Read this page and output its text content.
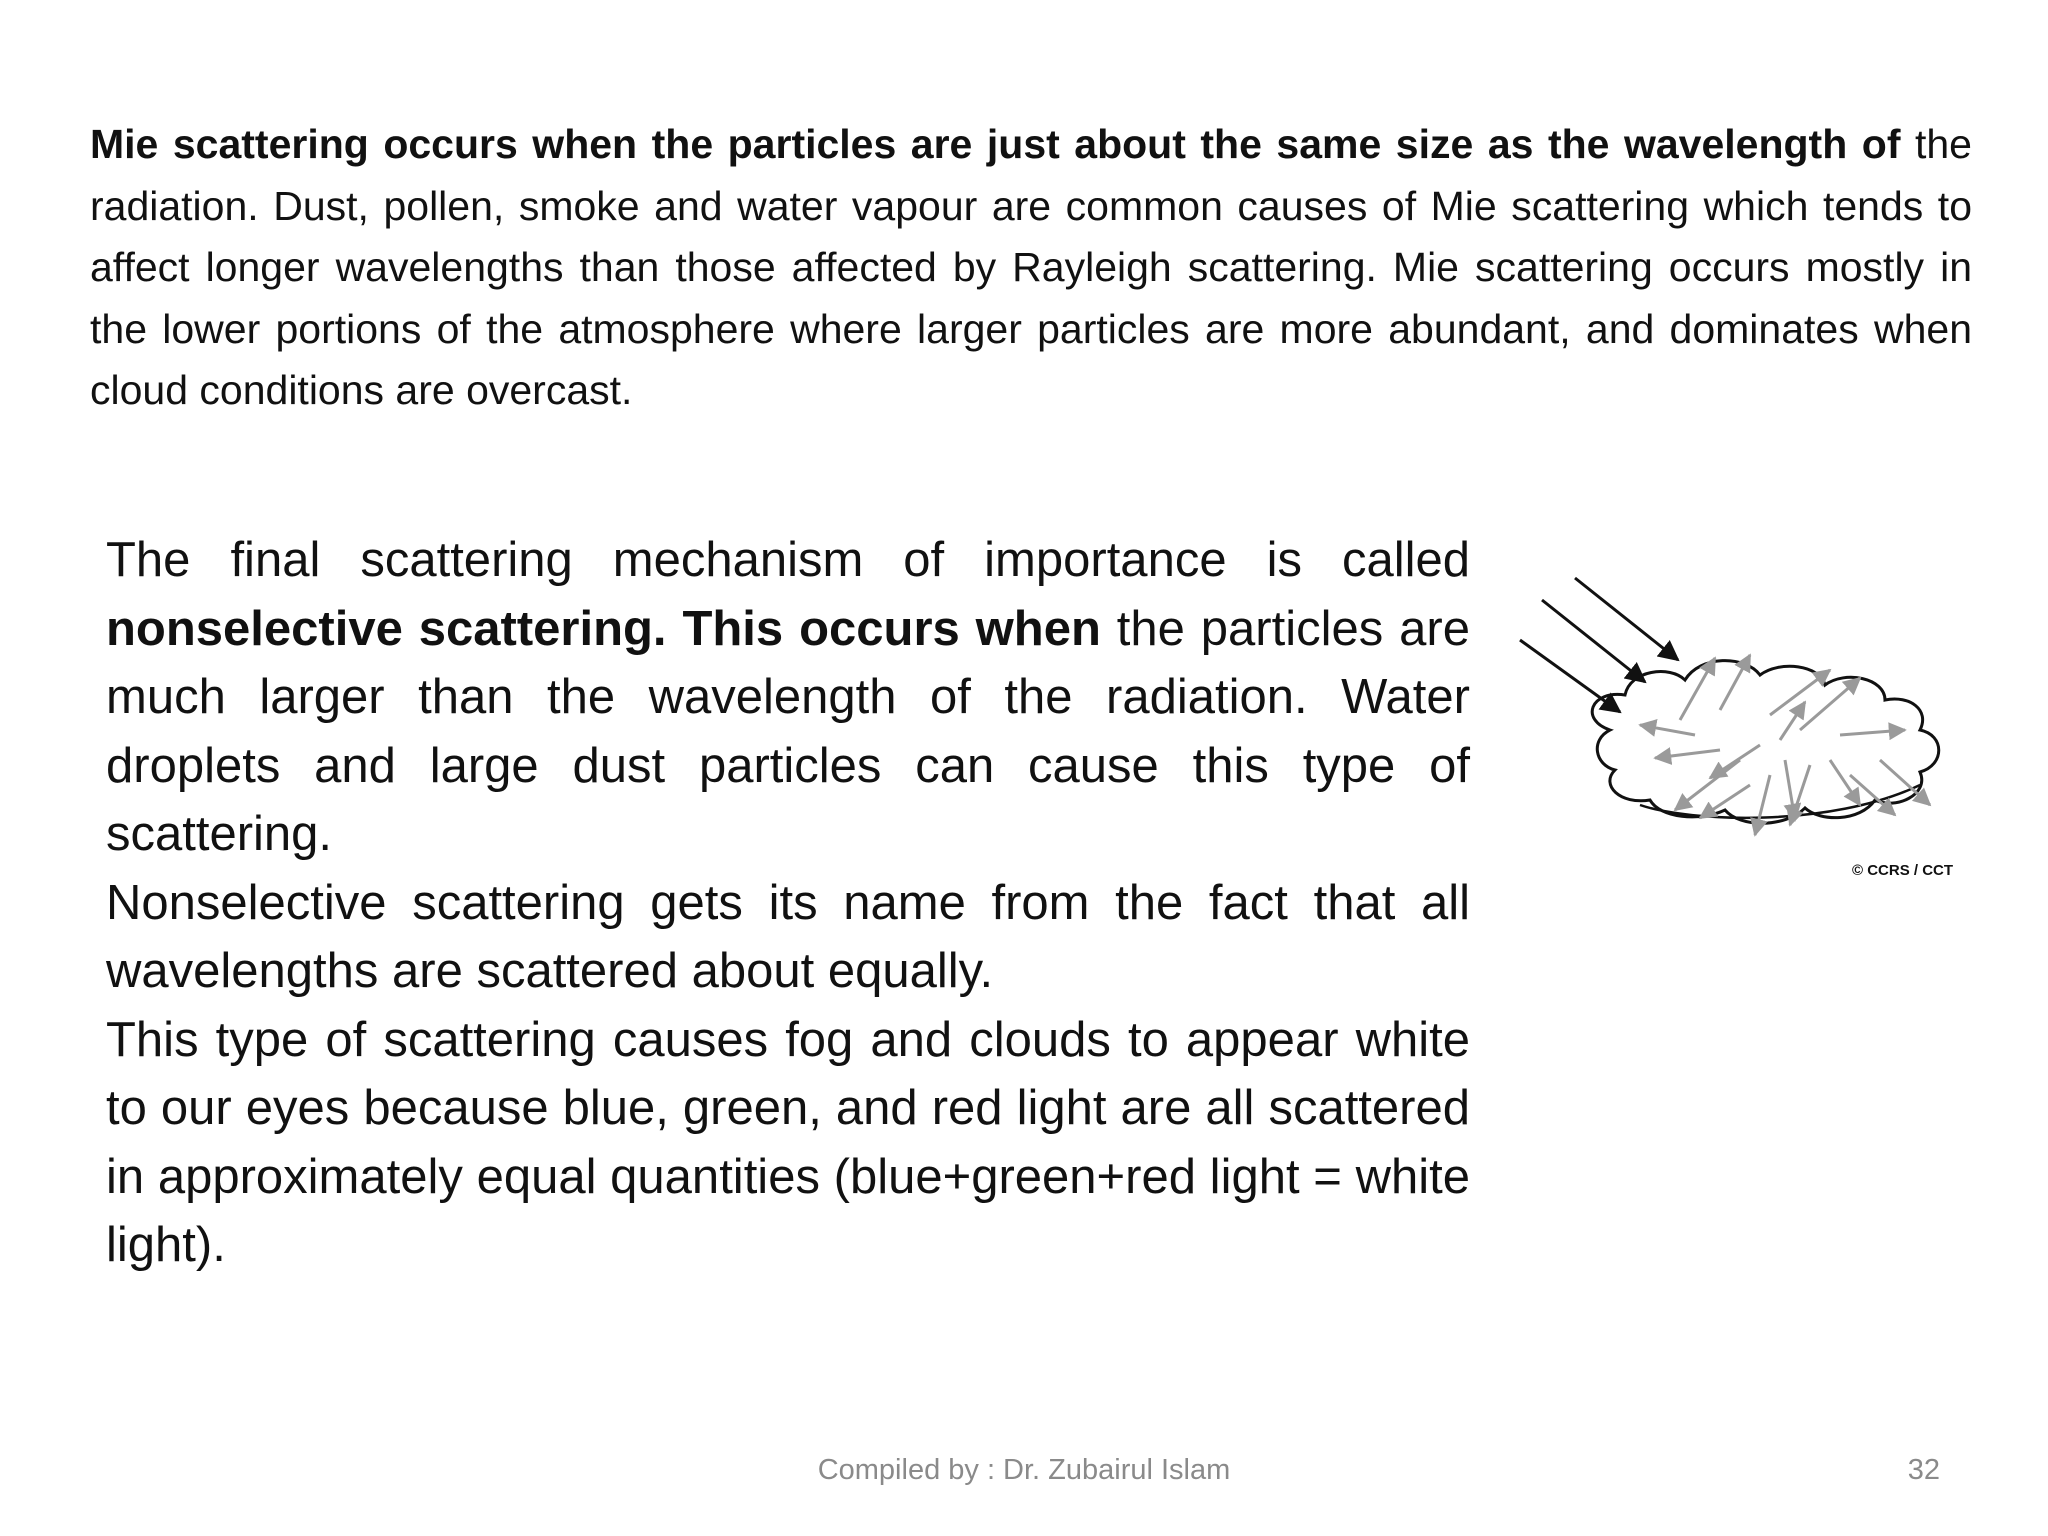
Mie scattering occurs when the particles are just about the same size as the wavelength of the radiation. Dust, pollen, smoke and water vapour are common causes of Mie scattering which tends to affect longer wavelengths than those affected by Rayleigh scattering. Mie scattering occurs mostly in the lower portions of the atmosphere where larger particles are more abundant, and dominates when cloud conditions are overcast.

The final scattering mechanism of importance is called nonselective scattering. This occurs when the particles are much larger than the wavelength of the radiation. Water droplets and large dust particles can cause this type of scattering.

Nonselective scattering gets its name from the fact that all wavelengths are scattered about equally.

This type of scattering causes fog and clouds to appear white to our eyes because blue, green, and red light are all scattered in approximately equal quantities (blue+green+red light = white light).

© CCRS / CCT
Compiled by : Dr. Zubairul Islam	32
